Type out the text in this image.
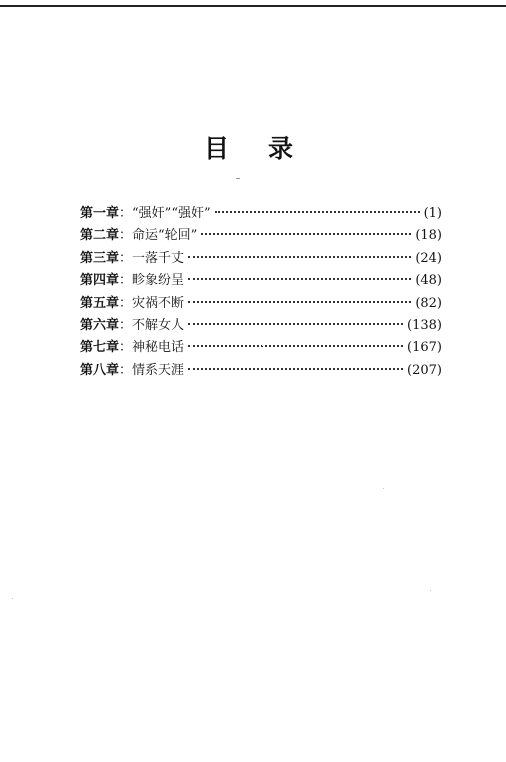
目 录
第一章 ： “强奸”“强奸”	(1)
第二章 ： 命运“轮回”	(18)
第三章 ： 一落千丈	(24)
第四章 ： 畛象纷呈	(48)
第五章 ： 灾祸不断	(82)
第六章 ： 不解女人	(138)
第七章 ： 神秘电话	(167)
第八章 ： 情系天涯	(207)
